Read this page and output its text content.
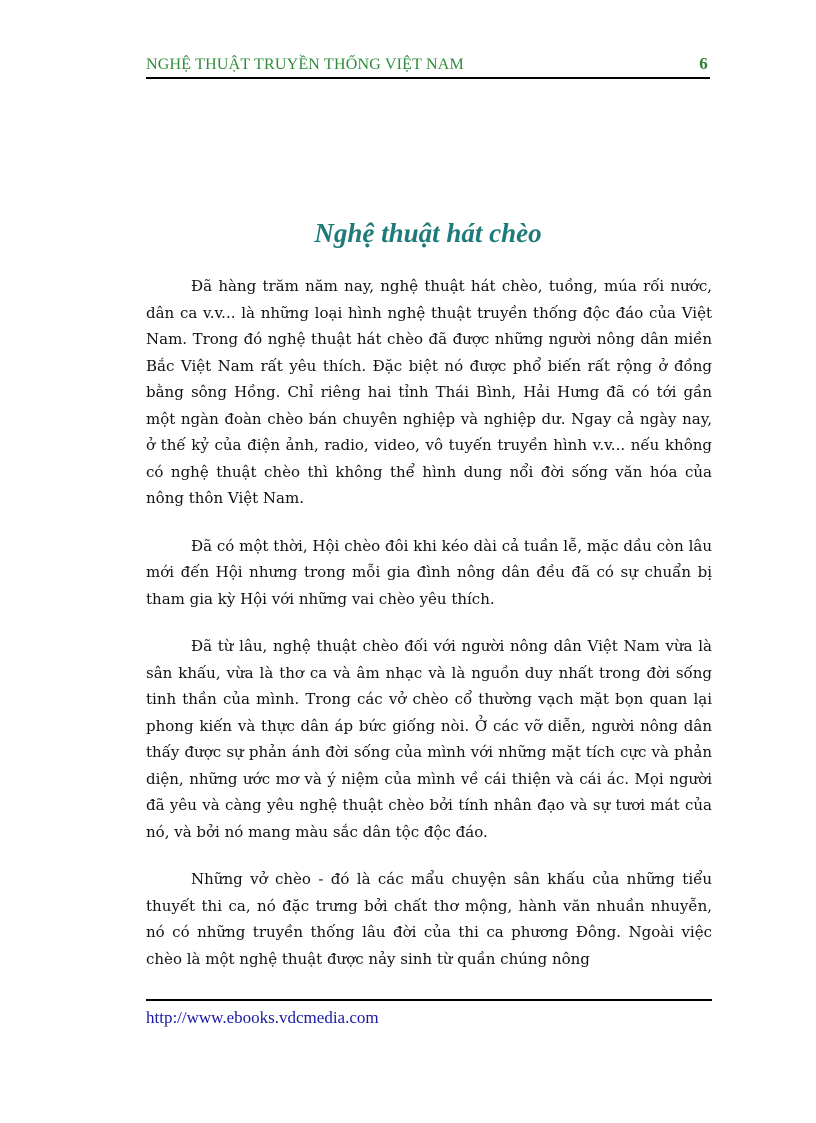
NGHỆ THUẬT TRUYỀN THỐNG VIỆT NAM	6
Nghệ thuật hát chèo

Đã hàng trăm năm nay, nghệ thuật hát chèo, tuồng, múa rối nước, dân ca v.v... là những loại hình nghệ thuật truyền thống độc đáo của Việt Nam. Trong đó nghệ thuật hát chèo đã được những người nông dân miền Bắc Việt Nam rất yêu thích. Đặc biệt nó được phổ biến rất rộng ở đồng bằng sông Hồng. Chỉ riêng hai tỉnh Thái Bình, Hải Hưng đã có tới gần một ngàn đoàn chèo bán chuyên nghiệp và nghiệp dư. Ngay cả ngày nay, ở thế kỷ của điện ảnh, radio, video, vô tuyến truyền hình v.v... nếu không có nghệ thuật chèo thì không thể hình dung nổi đời sống văn hóa của nông thôn Việt Nam.

Đã có một thời, Hội chèo đôi khi kéo dài cả tuần lễ, mặc dầu còn lâu mới đến Hội nhưng trong mỗi gia đình nông dân đều đã có sự chuẩn bị tham gia kỳ Hội với những vai chèo yêu thích.

Đã từ lâu, nghệ thuật chèo đối với người nông dân Việt Nam vừa là sân khấu, vừa là thơ ca và âm nhạc và là nguồn duy nhất trong đời sống tinh thần của mình. Trong các vở chèo cổ thường vạch mặt bọn quan lại phong kiến và thực dân áp bức giống nòi. Ở các vỡ diễn, người nông dân thấy được sự phản ánh đời sống của mình với những mặt tích cực và phản diện, những ước mơ và ý niệm của mình về cái thiện và cái ác. Mọi người đã yêu và càng yêu nghệ thuật chèo bởi tính nhân đạo và sự tươi mát của nó, và bởi nó mang màu sắc dân tộc độc đáo.

Những vở chèo - đó là các mẩu chuyện sân khấu của những tiểu thuyết thi ca, nó đặc trưng bởi chất thơ mộng, hành văn nhuần nhuyễn, nó có những truyền thống lâu đời của thi ca phương Đông. Ngoài việc chèo là một nghệ thuật được nảy sinh từ quần chúng nông

http://www.ebooks.vdcmedia.com
